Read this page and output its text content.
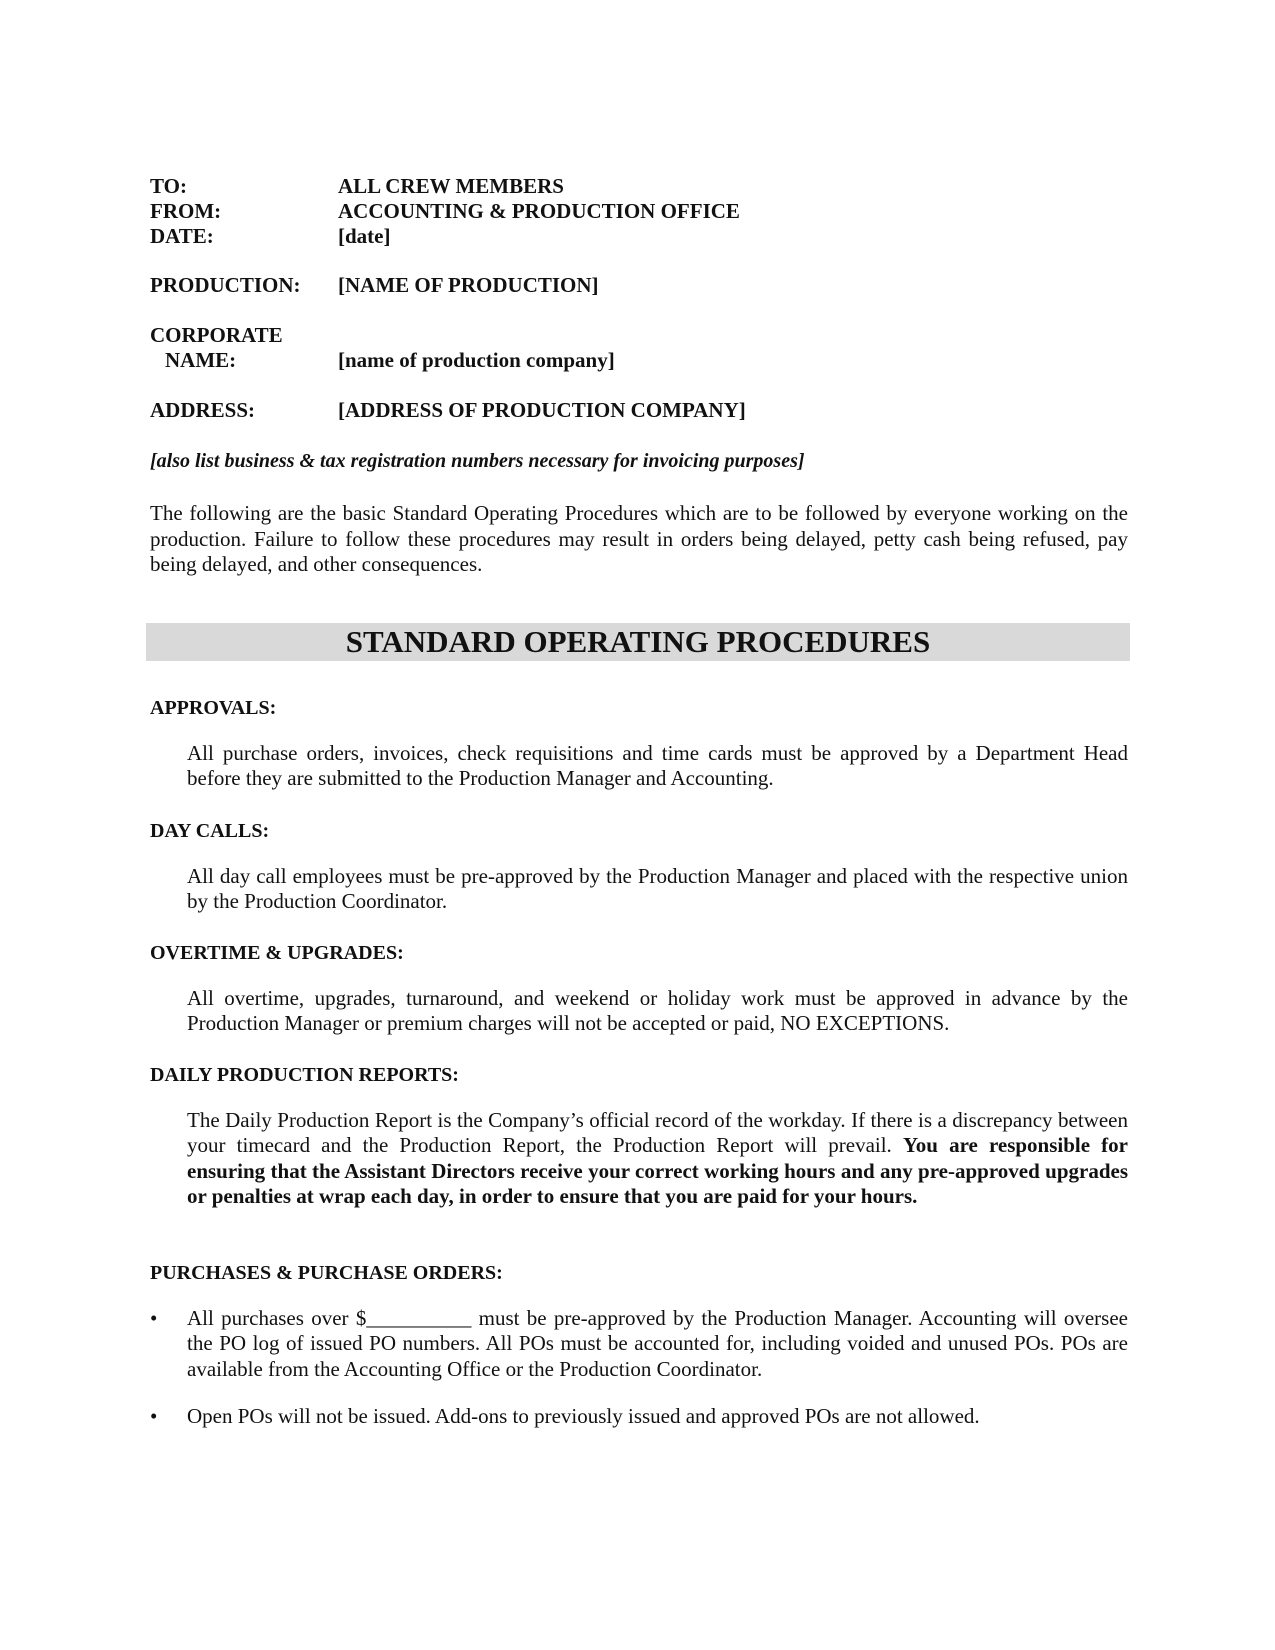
TO:	ALL CREW MEMBERS
FROM:	ACCOUNTING & PRODUCTION OFFICE
DATE:	[date]
PRODUCTION: [NAME OF PRODUCTION]
CORPORATE
NAME:	[name of production company]
ADDRESS:	[ADDRESS OF PRODUCTION COMPANY]
[also list business & tax registration numbers necessary for invoicing purposes]
The following are the basic Standard Operating Procedures which are to be followed by everyone working on the production. Failure to follow these procedures may result in orders being delayed, petty cash being refused, pay being delayed, and other consequences.
STANDARD OPERATING PROCEDURES
APPROVALS:
All purchase orders, invoices, check requisitions and time cards must be approved by a Department Head before they are submitted to the Production Manager and Accounting.
DAY CALLS:
All day call employees must be pre-approved by the Production Manager and placed with the respective union by the Production Coordinator.
OVERTIME & UPGRADES:
All overtime, upgrades, turnaround, and weekend or holiday work must be approved in advance by the Production Manager or premium charges will not be accepted or paid, NO EXCEPTIONS.
DAILY PRODUCTION REPORTS:
The Daily Production Report is the Company’s official record of the workday. If there is a discrepancy between your timecard and the Production Report, the Production Report will prevail. You are responsible for ensuring that the Assistant Directors receive your correct working hours and any pre-approved upgrades or penalties at wrap each day, in order to ensure that you are paid for your hours.
PURCHASES & PURCHASE ORDERS:
•	All purchases over $__________ must be pre-approved by the Production Manager. Accounting will oversee the PO log of issued PO numbers. All POs must be accounted for, including voided and unused POs. POs are available from the Accounting Office or the Production Coordinator.
•	Open POs will not be issued. Add-ons to previously issued and approved POs are not allowed.
